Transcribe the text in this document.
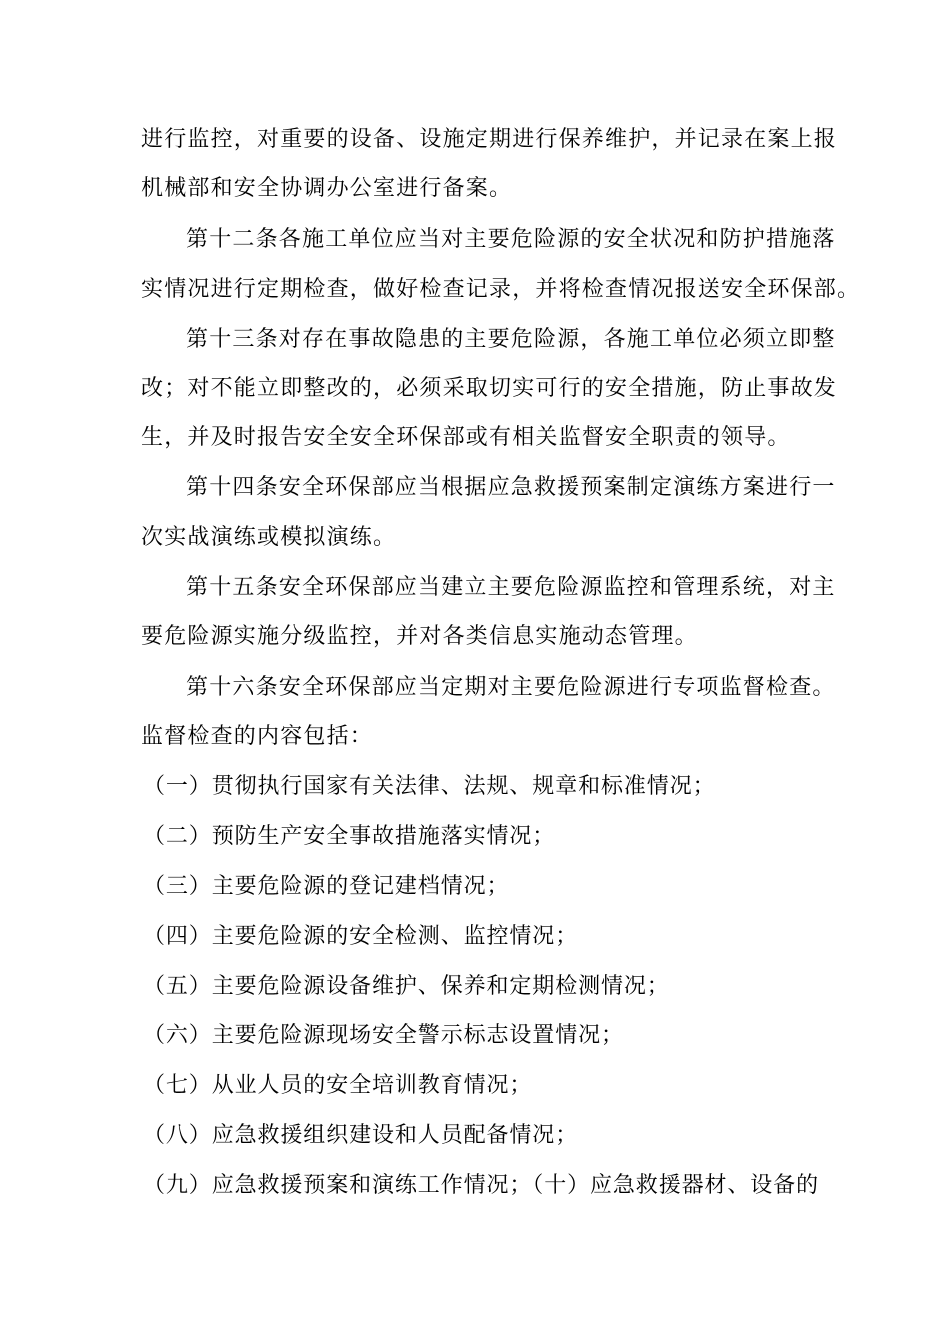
进行监控，对重要的设备、设施定期进行保养维护，并记录在案上报
机械部和安全协调办公室进行备案。
第十二条各施工单位应当对主要危险源的安全状况和防护措施落
实情况进行定期检查，做好检查记录，并将检查情况报送安全环保部。
第十三条对存在事故隐患的主要危险源，各施工单位必须立即整
改；对不能立即整改的，必须采取切实可行的安全措施，防止事故发
生，并及时报告安全安全环保部或有相关监督安全职责的领导。
第十四条安全环保部应当根据应急救援预案制定演练方案进行一
次实战演练或模拟演练。
第十五条安全环保部应当建立主要危险源监控和管理系统，对主
要危险源实施分级监控，并对各类信息实施动态管理。
第十六条安全环保部应当定期对主要危险源进行专项监督检查。
监督检查的内容包括：
（一）贯彻执行国家有关法律、法规、规章和标准情况；
（二）预防生产安全事故措施落实情况；
（三）主要危险源的登记建档情况；
（四）主要危险源的安全检测、监控情况；
（五）主要危险源设备维护、保养和定期检测情况；
（六）主要危险源现场安全警示标志设置情况；
（七）从业人员的安全培训教育情况；
（八）应急救援组织建设和人员配备情况；
（九）应急救援预案和演练工作情况；（十）应急救援器材、设备的
